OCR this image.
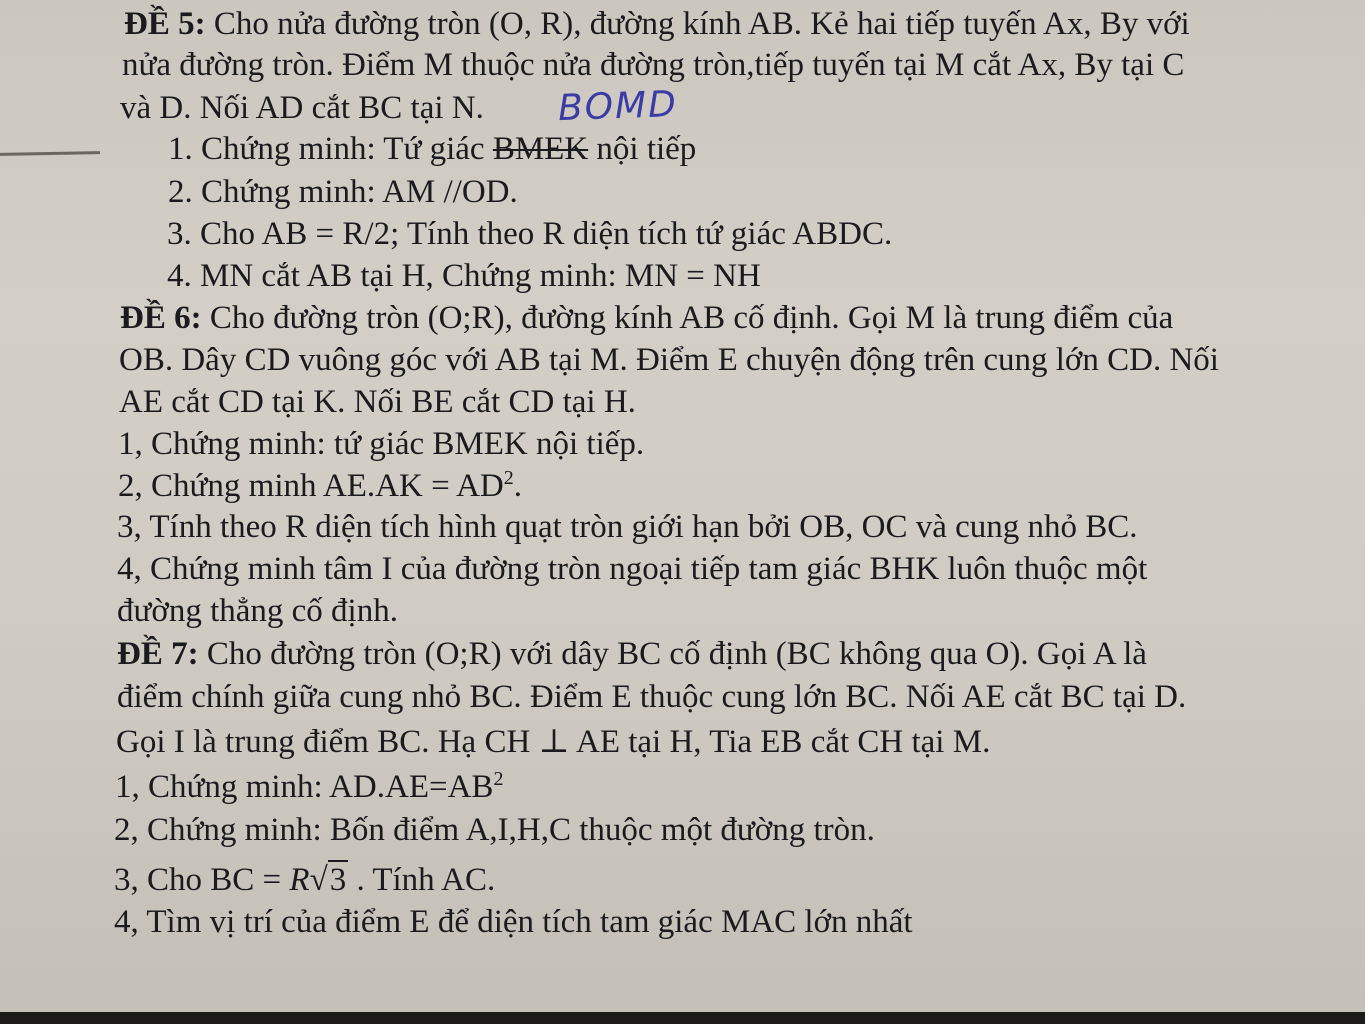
ĐỀ 5: Cho nửa đường tròn (O, R), đường kính AB. Kẻ hai tiếp tuyến Ax, By với
nửa đường tròn. Điểm M thuộc nửa đường tròn,tiếp tuyến tại M cắt Ax, By tại C
và D. Nối AD cắt BC tại N. BOMD
1. Chứng minh: Tứ giác BMEK nội tiếp
2. Chứng minh: AM //OD.
3. Cho AB = R/2; Tính theo R diện tích tứ giác ABDC.
4. MN cắt AB tại H, Chứng minh: MN = NH
ĐỀ 6: Cho đường tròn (O;R), đường kính AB cố định. Gọi M là trung điểm của
OB. Dây CD vuông góc với AB tại M. Điểm E chuyện động trên cung lớn CD. Nối
AE cắt CD tại K. Nối BE cắt CD tại H.
1, Chứng minh: tứ giác BMEK nội tiếp.
2, Chứng minh $AE.AK = AD^2$.
3, Tính theo R diện tích hình quạt tròn giới hạn bởi OB, OC và cung nhỏ BC.
4, Chứng minh tâm I của đường tròn ngoại tiếp tam giác BHK luôn thuộc một
đường thẳng cố định.
ĐỀ 7: Cho đường tròn (O;R) với dây BC cố định (BC không qua O). Gọi A là
điểm chính giữa cung nhỏ BC. Điểm E thuộc cung lớn BC. Nối AE cắt BC tại D.
Gọi I là trung điểm BC. Hạ CH ⊥ AE tại H, Tia EB cắt CH tại M.
1, Chứng minh: $AD.AE=AB^2$
2, Chứng minh: Bốn điểm A,I,H,C thuộc một đường tròn.
3, Cho BC = R√3 . Tính AC.
4, Tìm vị trí của điểm E để diện tích tam giác MAC lớn nhất
